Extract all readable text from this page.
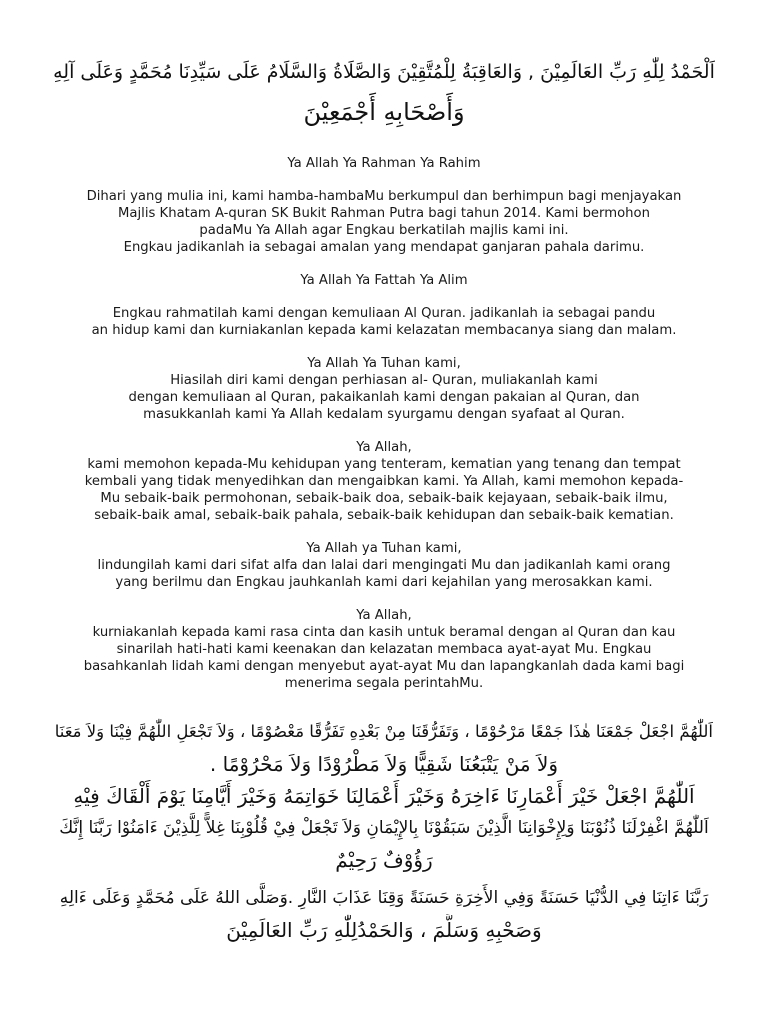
اَلْحَمْدُ لِلّٰهِ رَبِّ العَالَمِيْنَ , وَالعَاقِبَةُ لِلْمُتَّقِيْنَ وَالصَّلَاةُ وَالسَّلَامُ عَلَى سَيِّدِنَا مُحَمَّدٍ وَعَلَى آلِهِ
وَأَصْحَابِهِ أَجْمَعِيْنَ
Ya Allah Ya Rahman Ya Rahim
Dihari yang mulia ini, kami hamba-hambaMu berkumpul dan berhimpun bagi menjayakan
Majlis Khatam A-quran SK Bukit Rahman Putra bagi tahun 2014. Kami bermohon
padaMu Ya Allah agar Engkau berkatilah majlis kami ini.
Engkau jadikanlah ia sebagai amalan yang mendapat ganjaran pahala darimu.
Ya Allah Ya Fattah Ya Alim
Engkau rahmatilah kami dengan kemuliaan Al Quran. jadikanlah ia sebagai pandu
an hidup kami dan kurniakanlan kepada kami kelazatan membacanya siang dan malam.
Ya Allah Ya Tuhan kami,
Hiasilah diri kami dengan perhiasan al- Quran, muliakanlah kami
dengan kemuliaan al Quran, pakaikanlah kami dengan pakaian al Quran, dan
masukkanlah kami Ya Allah kedalam syurgamu dengan syafaat al Quran.
Ya Allah,
kami memohon kepada-Mu kehidupan yang tenteram, kematian yang tenang dan tempat
kembali yang tidak menyedihkan dan mengaibkan kami. Ya Allah, kami memohon kepada-
Mu sebaik-baik permohonan, sebaik-baik doa, sebaik-baik kejayaan, sebaik-baik ilmu,
sebaik-baik amal, sebaik-baik pahala, sebaik-baik kehidupan dan sebaik-baik kematian.
Ya Allah ya Tuhan kami,
lindungilah kami dari sifat alfa dan lalai dari mengingati Mu dan jadikanlah kami orang
yang berilmu dan Engkau jauhkanlah kami dari kejahilan yang merosakkan kami.
Ya Allah,
kurniakanlah kepada kami rasa cinta dan kasih untuk beramal dengan al Quran dan kau
sinarilah hati-hati kami keenakan dan kelazatan membaca ayat-ayat Mu. Engkau
basahkanlah lidah kami dengan menyebut ayat-ayat Mu dan lapangkanlah dada kami bagi
menerima segala perintahMu.
اَللّٰهُمَّ اجْعَلْ جَمْعَنَا هٰذَا جَمْعًا مَرْحُوْمًا ، وَتَفَرُّقَنَا مِنْ بَعْدِهِ تَفَرُّقًا مَعْصُوْمًا ، وَلاَ تَجْعَلِ اللّٰهُمَّ فِيْنَا وَلاَ مَعَنَا
وَلاَ مَنْ يَتْبَعُنَا شَقِيًّا وَلاَ مَطْرُوْدًا وَلاَ مَحْرُوْمًا .
اَللّٰهُمَّ اجْعَلْ خَيْرَ أَعْمَارِنَا ءَاخِرَهُ وَخَيْرَ أَعْمَالِنَا خَوَاتِمَهُ وَخَيْرَ أَيَّامِنَا يَوْمَ أَلْقَاكَ فِيْهِ
اَللّٰهُمَّ اغْفِرْلَنَا ذُنُوْبَنَا وَلِإِخْوَانِنَا الَّذِيْنَ سَبَقُوْنَا بِالإِيْمَانِ وَلاَ تَجْعَلْ فِيْ قُلُوْبِنَا غِلاًّ لِلَّذِيْنَ ءَامَنُوْا رَبَّنَا إِنَّكَ
رَؤُوْفٌ رَحِيْمٌ
رَبَّنَا ءَاتِنَا فِي الدُّنْيَا حَسَنَةً وَفِي الأَخِرَةِ حَسَنَةً وَقِنَا عَذَابَ النَّارِ .وَصَلَّى اللهُ عَلَى مُحَمَّدٍ وَعَلَى ءَالِهِ
وَصَحْبِهِ وَسَلَّمَ ، وَالحَمْدُلِلّٰهِ رَبِّ العَالَمِيْنَ
